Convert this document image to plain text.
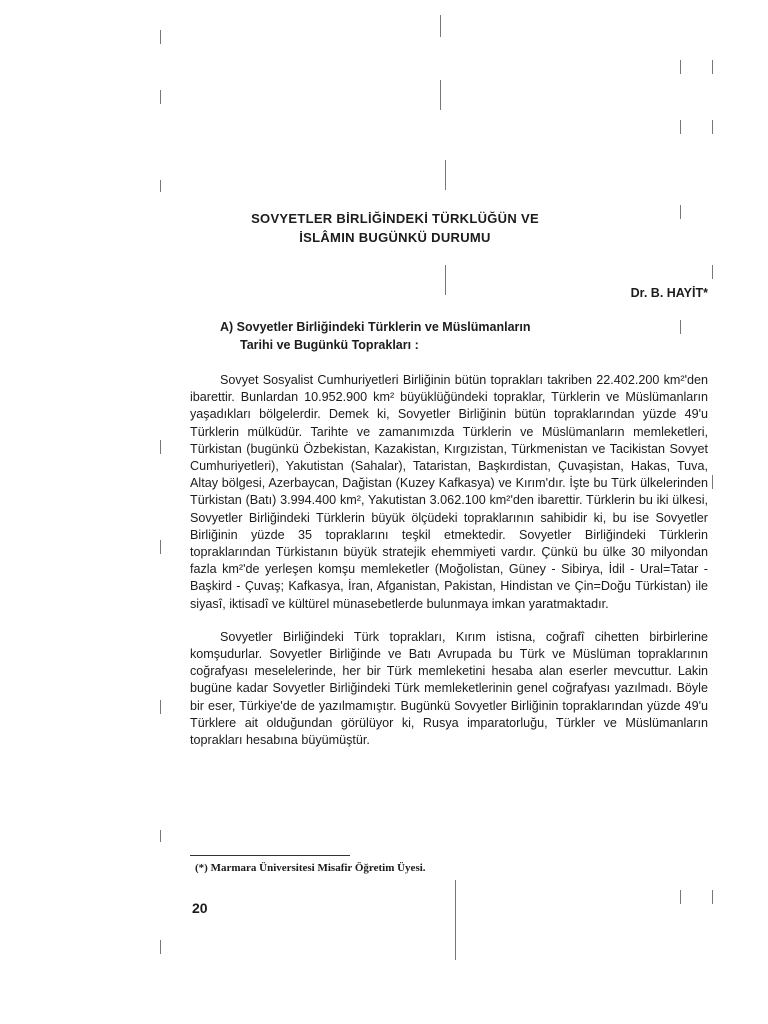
SOVYETLER BİRLİĞİNDEKİ TÜRKLÜĞÜN VE
İSLÂMIN BUGÜNKÜ DURUMU
Dr. B. HAYİT*
A) Sovyetler Birliğindeki Türklerin ve Müslümanların
Tarihi ve Bugünkü Toprakları :

Sovyet Sosyalist Cumhuriyetleri Birliğinin bütün toprakları takriben 22.402.200 km²'den ibarettir. Bunlardan 10.952.900 km² büyüklüğündeki topraklar, Türklerin ve Müslümanların yaşadıkları bölgelerdir. Demek ki, Sovyetler Birliğinin bütün topraklarından yüzde 49'u Türklerin mülküdür. Tarihte ve zamanımızda Türklerin ve Müslümanların memleketleri, Türkistan (bugünkü Özbekistan, Kazakistan, Kırgızistan, Türkmenistan ve Tacikistan Sovyet Cumhuriyetleri), Yakutistan (Sahalar), Tataristan, Başkırdistan, Çuvaşistan, Hakas, Tuva, Altay bölgesi, Azerbaycan, Dağistan (Kuzey Kafkasya) ve Kırım'dır. İşte bu Türk ülkelerinden Türkistan (Batı) 3.994.400 km², Yakutistan 3.062.100 km²'den ibarettir. Türklerin bu iki ülkesi, Sovyetler Birliğindeki Türklerin büyük ölçüdeki topraklarının sahibidir ki, bu ise Sovyetler Birliğinin yüzde 35 topraklarını teşkil etmektedir. Sovyetler Birliğindeki Türklerin topraklarından Türkistanın büyük stratejik ehemmiyeti vardır. Çünkü bu ülke 30 milyondan fazla km²'de yerleşen komşu memleketler (Moğolistan, Güney - Sibirya, İdil - Ural=Tatar - Başkird - Çuvaş; Kafkasya, İran, Afganistan, Pakistan, Hindistan ve Çin=Doğu Türkistan) ile siyasî, iktisadî ve kültürel münasebetlerde bulunmaya imkan yaratmaktadır.

Sovyetler Birliğindeki Türk toprakları, Kırım istisna, coğrafî cihetten birbirlerine komşudurlar. Sovyetler Birliğinde ve Batı Avrupada bu Türk ve Müslüman topraklarının coğrafyası meselelerinde, her bir Türk memleketini hesaba alan eserler mevcuttur. Lakin bugüne kadar Sovyetler Birliğindeki Türk memleketlerinin genel coğrafyası yazılmadı. Böyle bir eser, Türkiye'de de yazılmamıştır. Bugünkü Sovyetler Birliğinin topraklarından yüzde 49'u Türklere ait olduğundan görülüyor ki, Rusya imparatorluğu, Türkler ve Müslümanların toprakları hesabına büyümüştür.

(*) Marmara Üniversitesi Misafir Öğretim Üyesi.
20
